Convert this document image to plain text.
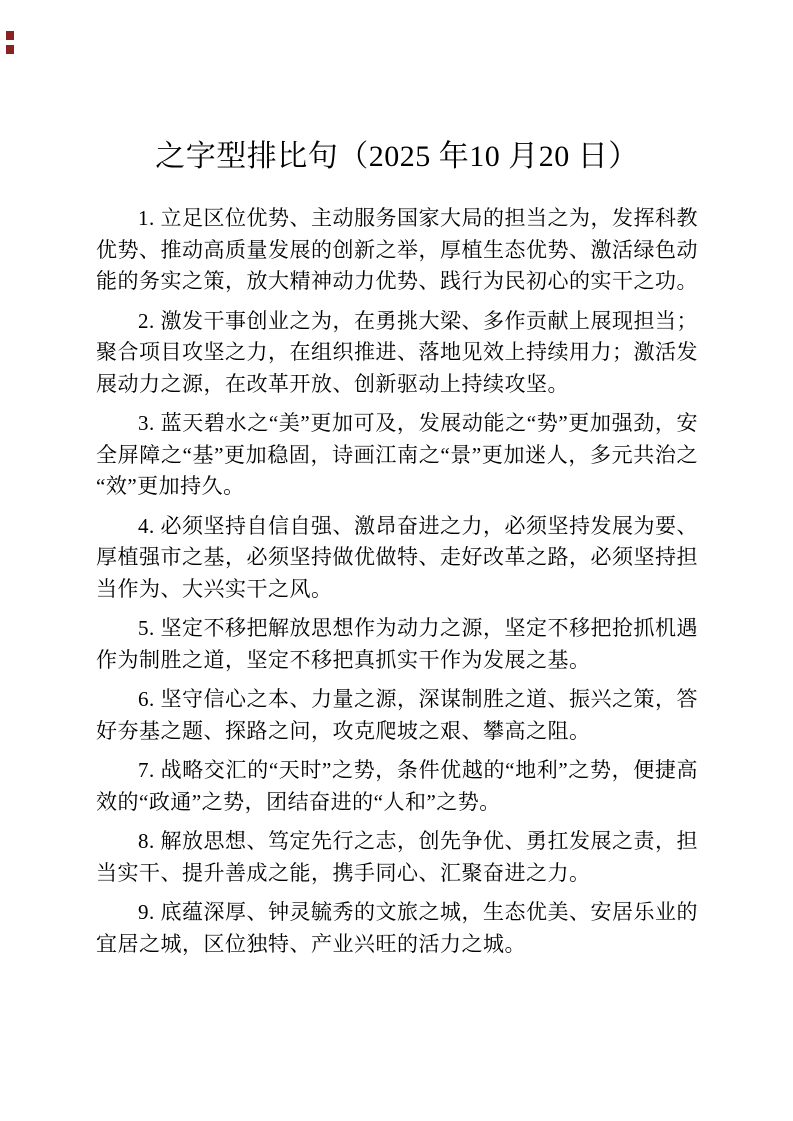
之字型排比句（2025 年10 月20 日）

1. 立足区位优势、主动服务国家大局的担当之为，发挥科教优势、推动高质量发展的创新之举，厚植生态优势、激活绿色动能的务实之策，放大精神动力优势、践行为民初心的实干之功。

2. 激发干事创业之为，在勇挑大梁、多作贡献上展现担当；聚合项目攻坚之力，在组织推进、落地见效上持续用力；激活发展动力之源，在改革开放、创新驱动上持续攻坚。

3. 蓝天碧水之“美”更加可及，发展动能之“势”更加强劲，安全屏障之“基”更加稳固，诗画江南之“景”更加迷人，多元共治之“效”更加持久。

4. 必须坚持自信自强、激昂奋进之力，必须坚持发展为要、厚植强市之基，必须坚持做优做特、走好改革之路，必须坚持担当作为、大兴实干之风。

5. 坚定不移把解放思想作为动力之源，坚定不移把抢抓机遇作为制胜之道，坚定不移把真抓实干作为发展之基。

6. 坚守信心之本、力量之源，深谋制胜之道、振兴之策，答好夯基之题、探路之问，攻克爬坡之艰、攀高之阻。

7. 战略交汇的“天时”之势，条件优越的“地利”之势，便捷高效的“政通”之势，团结奋进的“人和”之势。

8. 解放思想、笃定先行之志，创先争优、勇扛发展之责，担当实干、提升善成之能，携手同心、汇聚奋进之力。

9. 底蕴深厚、钟灵毓秀的文旅之城，生态优美、安居乐业的宜居之城，区位独特、产业兴旺的活力之城。
